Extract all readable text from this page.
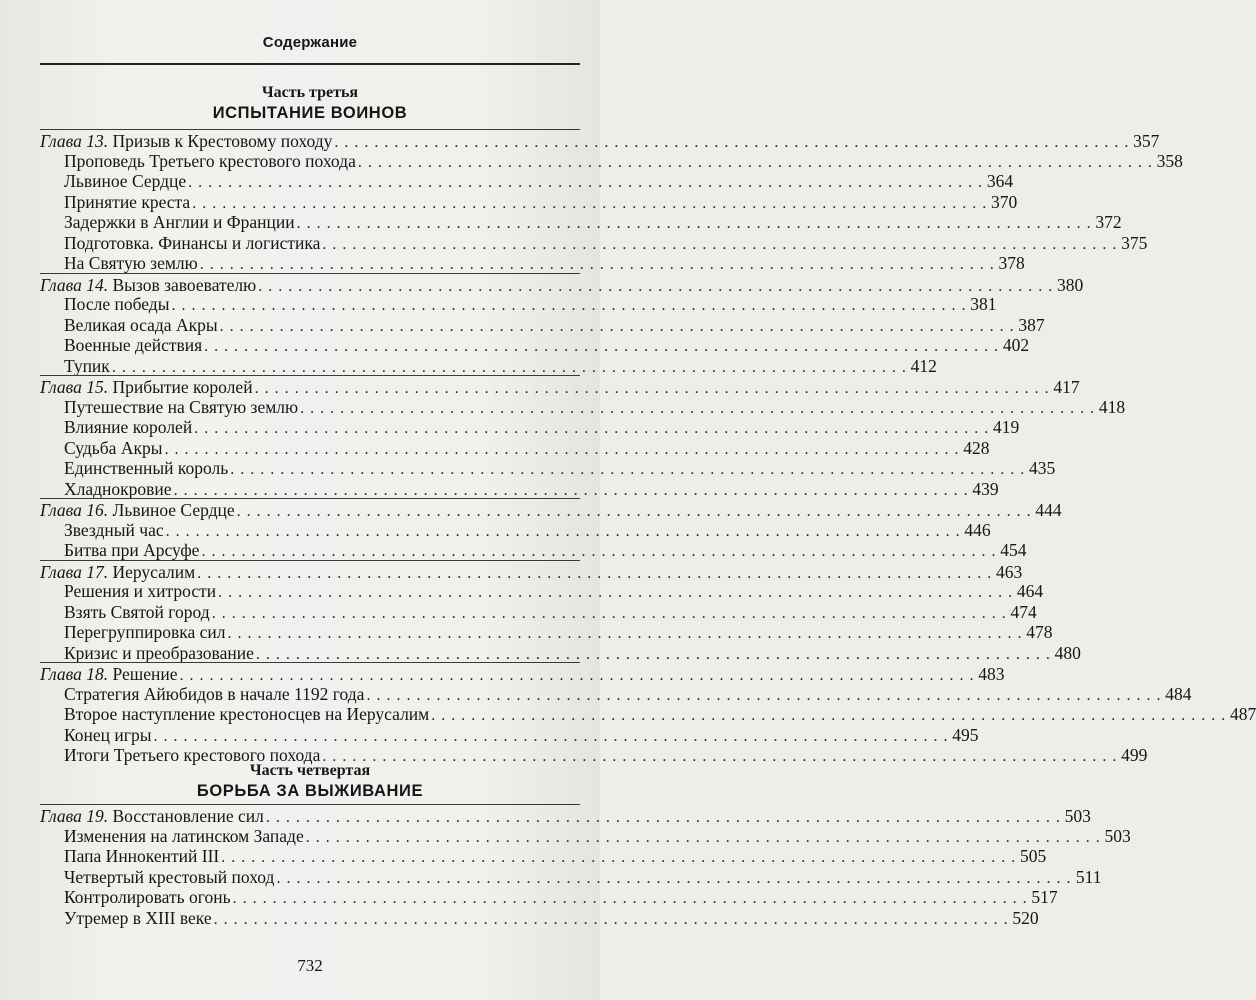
Содержание
Часть третья
ИСПЫТАНИЕ ВОИНОВ
Глава 13.
Призыв к Крестовому походу . . . . . . . . . . . . . . . . . . . . . . . . . . . . . . . . . . . . . . . . . . . . . . . . . . . . . . . . . . . . . . . . . . . . . . . . . . . . . . . . 357
Проповедь Третьего крестового похода . . . . . . . . . . . . . . . . . . . . . . . . . . . . . . . . . . . . . . . . . . . . . . . . . . . . . . . . . . . . . . . . . . . . . . . . . . . . . . . . 358
Львиное Сердце . . . . . . . . . . . . . . . . . . . . . . . . . . . . . . . . . . . . . . . . . . . . . . . . . . . . . . . . . . . . . . . . . . . . . . . . . . . . . . . . 364
Принятие креста . . . . . . . . . . . . . . . . . . . . . . . . . . . . . . . . . . . . . . . . . . . . . . . . . . . . . . . . . . . . . . . . . . . . . . . . . . . . . . . . 370
Задержки в Англии и Франции . . . . . . . . . . . . . . . . . . . . . . . . . . . . . . . . . . . . . . . . . . . . . . . . . . . . . . . . . . . . . . . . . . . . . . . . . . . . . . . . 372
Подготовка. Финансы и логистика . . . . . . . . . . . . . . . . . . . . . . . . . . . . . . . . . . . . . . . . . . . . . . . . . . . . . . . . . . . . . . . . . . . . . . . . . . . . . . . . 375
На Святую землю . . . . . . . . . . . . . . . . . . . . . . . . . . . . . . . . . . . . . . . . . . . . . . . . . . . . . . . . . . . . . . . . . . . . . . . . . . . . . . . . 378
Глава 14.
Вызов завоевателю . . . . . . . . . . . . . . . . . . . . . . . . . . . . . . . . . . . . . . . . . . . . . . . . . . . . . . . . . . . . . . . . . . . . . . . . . . . . . . . . 380
После победы . . . . . . . . . . . . . . . . . . . . . . . . . . . . . . . . . . . . . . . . . . . . . . . . . . . . . . . . . . . . . . . . . . . . . . . . . . . . . . . . 381
Великая осада Акры . . . . . . . . . . . . . . . . . . . . . . . . . . . . . . . . . . . . . . . . . . . . . . . . . . . . . . . . . . . . . . . . . . . . . . . . . . . . . . . . 387
Военные действия . . . . . . . . . . . . . . . . . . . . . . . . . . . . . . . . . . . . . . . . . . . . . . . . . . . . . . . . . . . . . . . . . . . . . . . . . . . . . . . . 402
Тупик . . . . . . . . . . . . . . . . . . . . . . . . . . . . . . . . . . . . . . . . . . . . . . . . . . . . . . . . . . . . . . . . . . . . . . . . . . . . . . . . 412
Глава 15.
Прибытие королей . . . . . . . . . . . . . . . . . . . . . . . . . . . . . . . . . . . . . . . . . . . . . . . . . . . . . . . . . . . . . . . . . . . . . . . . . . . . . . . . 417
Путешествие на Святую землю . . . . . . . . . . . . . . . . . . . . . . . . . . . . . . . . . . . . . . . . . . . . . . . . . . . . . . . . . . . . . . . . . . . . . . . . . . . . . . . . 418
Влияние королей . . . . . . . . . . . . . . . . . . . . . . . . . . . . . . . . . . . . . . . . . . . . . . . . . . . . . . . . . . . . . . . . . . . . . . . . . . . . . . . . 419
Судьба Акры . . . . . . . . . . . . . . . . . . . . . . . . . . . . . . . . . . . . . . . . . . . . . . . . . . . . . . . . . . . . . . . . . . . . . . . . . . . . . . . . 428
Единственный король . . . . . . . . . . . . . . . . . . . . . . . . . . . . . . . . . . . . . . . . . . . . . . . . . . . . . . . . . . . . . . . . . . . . . . . . . . . . . . . . 435
Хладнокровие . . . . . . . . . . . . . . . . . . . . . . . . . . . . . . . . . . . . . . . . . . . . . . . . . . . . . . . . . . . . . . . . . . . . . . . . . . . . . . . . 439
Глава 16.
Львиное Сердце . . . . . . . . . . . . . . . . . . . . . . . . . . . . . . . . . . . . . . . . . . . . . . . . . . . . . . . . . . . . . . . . . . . . . . . . . . . . . . . . 444
Звездный час . . . . . . . . . . . . . . . . . . . . . . . . . . . . . . . . . . . . . . . . . . . . . . . . . . . . . . . . . . . . . . . . . . . . . . . . . . . . . . . . 446
Битва при Арсуфе . . . . . . . . . . . . . . . . . . . . . . . . . . . . . . . . . . . . . . . . . . . . . . . . . . . . . . . . . . . . . . . . . . . . . . . . . . . . . . . . 454
Глава 17.
Иерусалим . . . . . . . . . . . . . . . . . . . . . . . . . . . . . . . . . . . . . . . . . . . . . . . . . . . . . . . . . . . . . . . . . . . . . . . . . . . . . . . . 463
Решения и хитрости . . . . . . . . . . . . . . . . . . . . . . . . . . . . . . . . . . . . . . . . . . . . . . . . . . . . . . . . . . . . . . . . . . . . . . . . . . . . . . . . 464
Взять Святой город . . . . . . . . . . . . . . . . . . . . . . . . . . . . . . . . . . . . . . . . . . . . . . . . . . . . . . . . . . . . . . . . . . . . . . . . . . . . . . . . 474
Перегруппировка сил . . . . . . . . . . . . . . . . . . . . . . . . . . . . . . . . . . . . . . . . . . . . . . . . . . . . . . . . . . . . . . . . . . . . . . . . . . . . . . . . 478
Кризис и преобразование . . . . . . . . . . . . . . . . . . . . . . . . . . . . . . . . . . . . . . . . . . . . . . . . . . . . . . . . . . . . . . . . . . . . . . . . . . . . . . . . 480
Глава 18.
Решение . . . . . . . . . . . . . . . . . . . . . . . . . . . . . . . . . . . . . . . . . . . . . . . . . . . . . . . . . . . . . . . . . . . . . . . . . . . . . . . . 483
Стратегия Айюбидов в начале 1192 года . . . . . . . . . . . . . . . . . . . . . . . . . . . . . . . . . . . . . . . . . . . . . . . . . . . . . . . . . . . . . . . . . . . . . . . . . . . . . . . . 484
Второе наступление крестоносцев на Иерусалим . . . . . . . . . . . . . . . . . . . . . . . . . . . . . . . . . . . . . . . . . . . . . . . . . . . . . . . . . . . . . . . . . . . . . . . . . . . . . . . . 487
Конец игры . . . . . . . . . . . . . . . . . . . . . . . . . . . . . . . . . . . . . . . . . . . . . . . . . . . . . . . . . . . . . . . . . . . . . . . . . . . . . . . . 495
Итоги Третьего крестового похода . . . . . . . . . . . . . . . . . . . . . . . . . . . . . . . . . . . . . . . . . . . . . . . . . . . . . . . . . . . . . . . . . . . . . . . . . . . . . . . . 499
Часть четвертая
БОРЬБА ЗА ВЫЖИВАНИЕ
Глава 19.
Восстановление сил . . . . . . . . . . . . . . . . . . . . . . . . . . . . . . . . . . . . . . . . . . . . . . . . . . . . . . . . . . . . . . . . . . . . . . . . . . . . . . . . 503
Изменения на латинском Западе . . . . . . . . . . . . . . . . . . . . . . . . . . . . . . . . . . . . . . . . . . . . . . . . . . . . . . . . . . . . . . . . . . . . . . . . . . . . . . . . 503
Папа Иннокентий III . . . . . . . . . . . . . . . . . . . . . . . . . . . . . . . . . . . . . . . . . . . . . . . . . . . . . . . . . . . . . . . . . . . . . . . . . . . . . . . . 505
Четвертый крестовый поход . . . . . . . . . . . . . . . . . . . . . . . . . . . . . . . . . . . . . . . . . . . . . . . . . . . . . . . . . . . . . . . . . . . . . . . . . . . . . . . . 511
Контролировать огонь . . . . . . . . . . . . . . . . . . . . . . . . . . . . . . . . . . . . . . . . . . . . . . . . . . . . . . . . . . . . . . . . . . . . . . . . . . . . . . . . 517
Утремер в XIII веке . . . . . . . . . . . . . . . . . . . . . . . . . . . . . . . . . . . . . . . . . . . . . . . . . . . . . . . . . . . . . . . . . . . . . . . . . . . . . . . . 520
732
